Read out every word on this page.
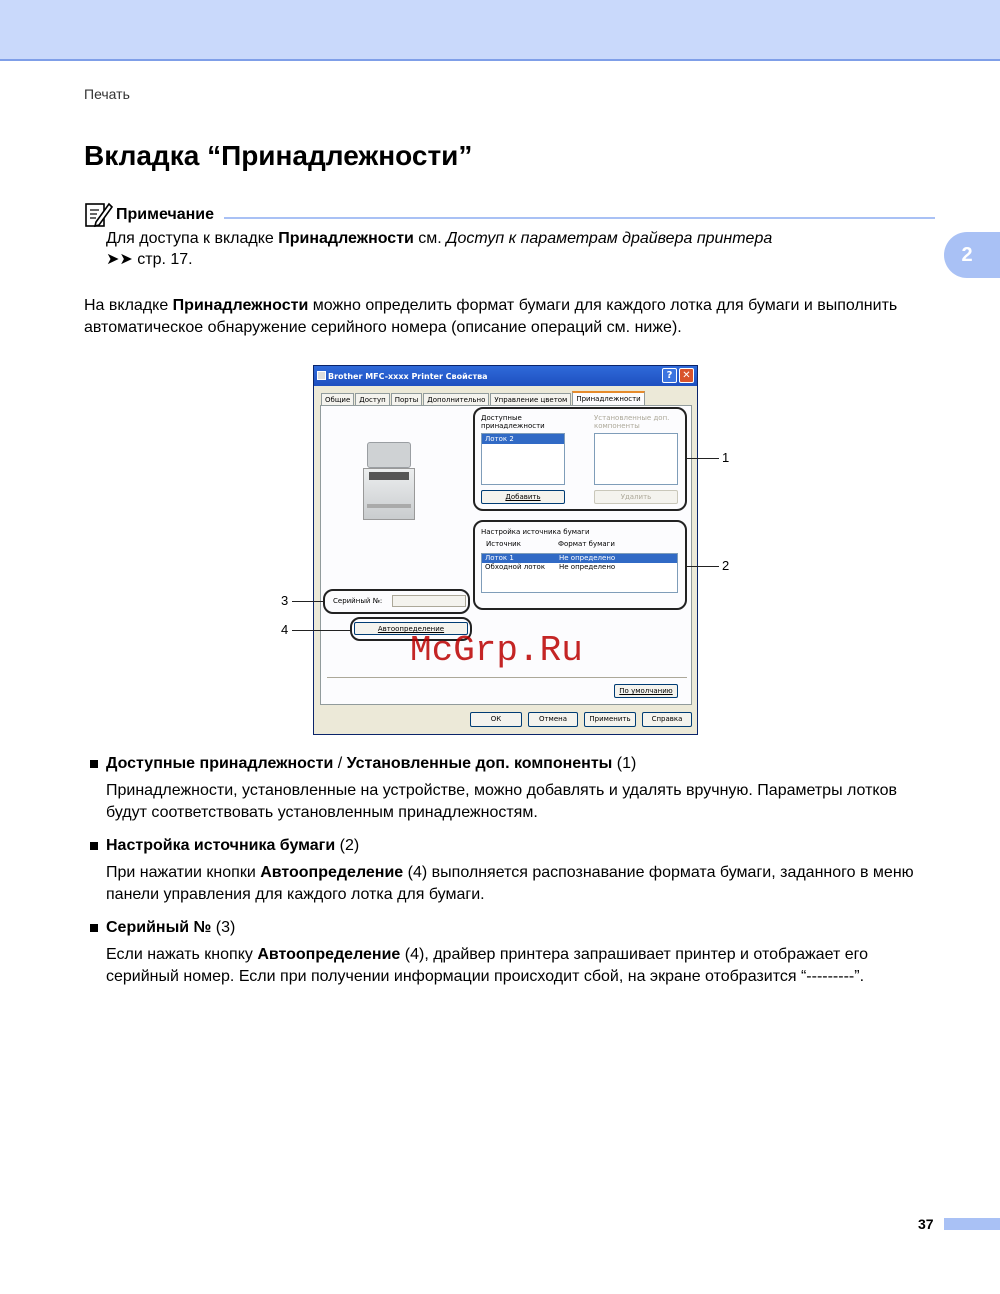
Печать
2
Вкладка “Принадлежности”
Примечание
Для доступа к вкладке Принадлежности см. Доступ к параметрам драйвера принтера
➤➤ стр. 17.

На вкладке Принадлежности можно определить формат бумаги для каждого лотка для бумаги и выполнить автоматическое обнаружение серийного номера (описание операций см. ниже).

Brother MFC-xxxx Printer Свойства	? ✕
Общие	Доступ	Порты	Дополнительно	Управление цветом	Принадлежности
Доступные
принадлежности
Установленные доп.
компоненты
Лоток 2
Добавить	Удалить
Настройка источника бумаги
Источник	Формат бумаги
Лоток 1	Не определено
Обходной лоток	Не определено
Серийный №:
Автоопределение
По умолчанию
ОК	Отмена	Применить	Справка
1
2
3
4
McGrp.Ru
Доступные принадлежности / Установленные доп. компоненты (1)
Принадлежности, установленные на устройстве, можно добавлять и удалять вручную. Параметры лотков будут соответствовать установленным принадлежностям.
Настройка источника бумаги (2)
При нажатии кнопки Автоопределение (4) выполняется распознавание формата бумаги, заданного в меню панели управления для каждого лотка для бумаги.
Серийный № (3)
Если нажать кнопку Автоопределение (4), драйвер принтера запрашивает принтер и отображает его серийный номер. Если при получении информации происходит сбой, на экране отобразится “---------”.
37
